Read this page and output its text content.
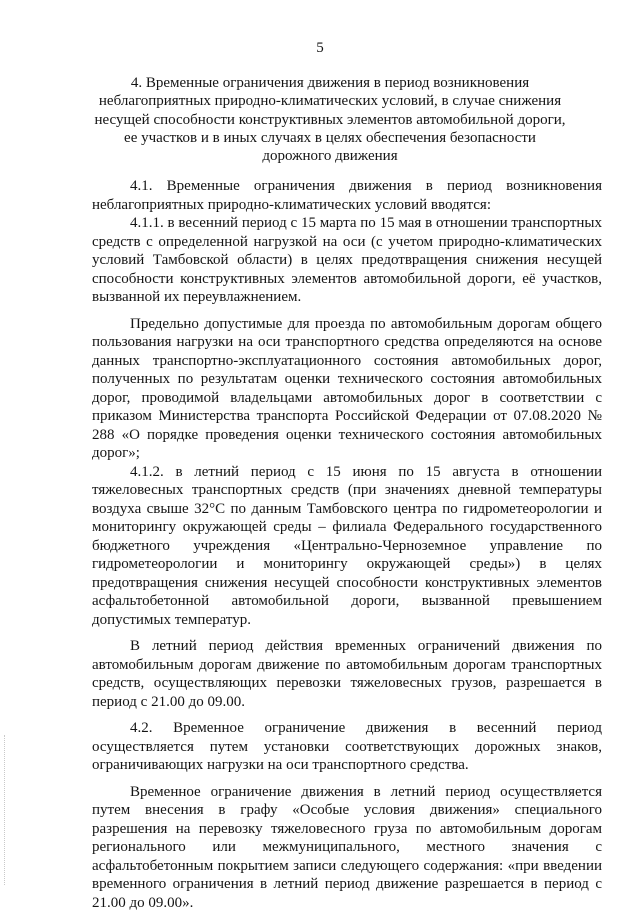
5
4. Временные ограничения движения в период возникновения неблагоприятных природно-климатических условий, в случае снижения несущей способности конструктивных элементов автомобильной дороги, ее участков и в иных случаях в целях обеспечения безопасности дорожного движения

4.1. Временные ограничения движения в период возникновения неблагоприятных природно-климатических условий вводятся:

4.1.1. в весенний период с 15 марта по 15 мая в отношении транспортных средств с определенной нагрузкой на оси (с учетом природно-климатических условий Тамбовской области) в целях предотвращения снижения несущей способности конструктивных элементов автомобильной дороги, её участков, вызванной их переувлажнением.

Предельно допустимые для проезда по автомобильным дорогам общего пользования нагрузки на оси транспортного средства определяются на основе данных транспортно-эксплуатационного состояния автомобильных дорог, полученных по результатам оценки технического состояния автомобильных дорог, проводимой владельцами автомобильных дорог в соответствии с приказом Министерства транспорта Российской Федерации от 07.08.2020 № 288 «О порядке проведения оценки технического состояния автомобильных дорог»;

4.1.2. в летний период с 15 июня по 15 августа в отношении тяжеловесных транспортных средств (при значениях дневной температуры воздуха свыше 32°С по данным Тамбовского центра по гидрометеорологии и мониторингу окружающей среды – филиала Федерального государственного бюджетного учреждения «Центрально-Черноземное управление по гидрометеорологии и мониторингу окружающей среды») в целях предотвращения снижения несущей способности конструктивных элементов асфальтобетонной автомобильной дороги, вызванной превышением допустимых температур.

В летний период действия временных ограничений движения по автомобильным дорогам движение по автомобильным дорогам транспортных средств, осуществляющих перевозки тяжеловесных грузов, разрешается в период с 21.00 до 09.00.

4.2. Временное ограничение движения в весенний период осуществляется путем установки соответствующих дорожных знаков, ограничивающих нагрузки на оси транспортного средства.

Временное ограничение движения в летний период осуществляется путем внесения в графу «Особые условия движения» специального разрешения на перевозку тяжеловесного груза по автомобильным дорогам регионального или межмуниципального, местного значения с асфальтобетонным покрытием записи следующего содержания: «при введении временного ограничения в летний период движение разрешается в период с 21.00 до 09.00».
